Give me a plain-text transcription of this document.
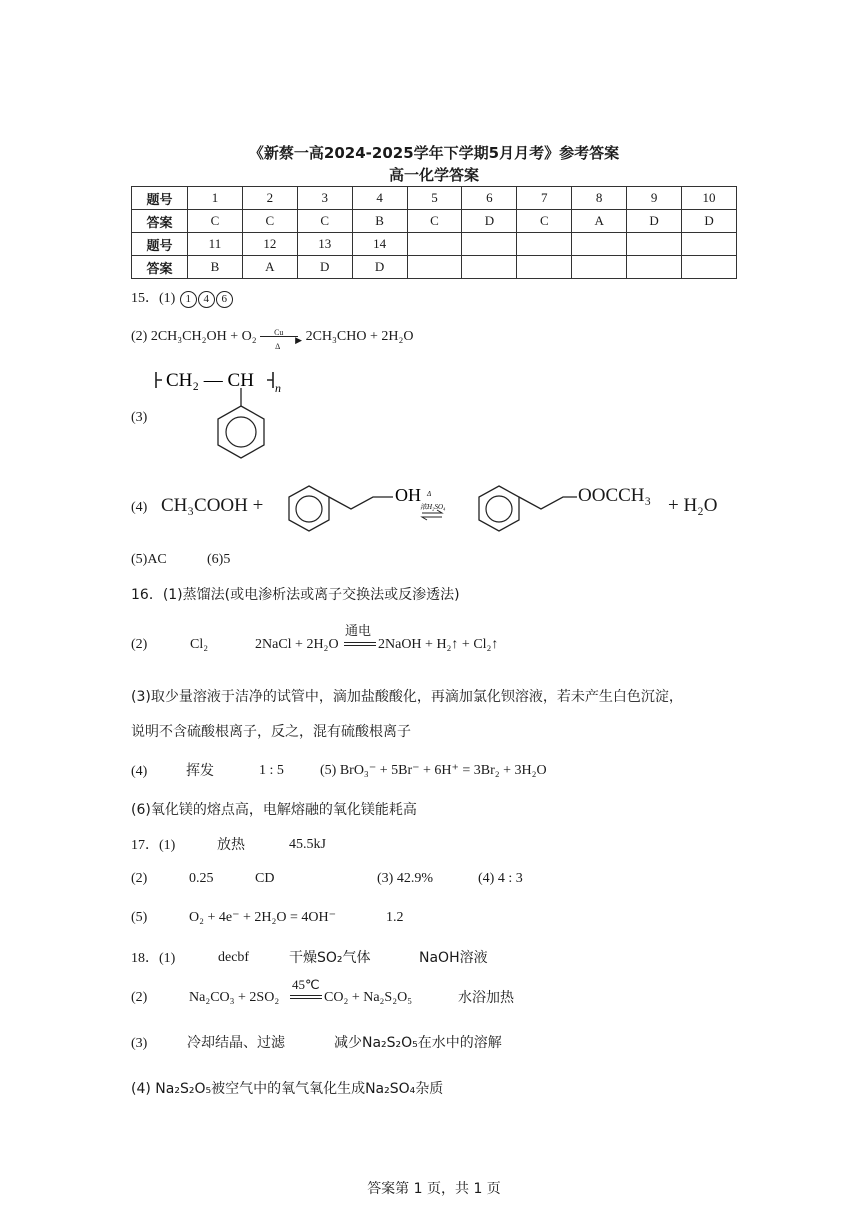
《新蔡一高2024-2025学年下学期5月月考》参考答案
高一化学答案
题号	1	2	3	4	5	6	7	8	9	10
答案	C	C	C	B	C	D	C	A	D	D
题号	11	12	13	14						
答案	B	A	D	D						
15．(1) 1 4 6
(2) 2CH₃CH₂OH + O₂ Cu
▶
Δ
2CH₃CHO + 2H₂O
(3)
CH₂ — CH n
(4) CH₃COOH +	OH Δ
浓H₂SO₄
OOCCH₃ + H₂O
(5)AC	(6)5
16．(1)蒸馏法(或电渗析法或离子交换法或反渗透法)
(2)	Cl₂	2NaCl + 2H₂O
通电
2NaOH + H₂↑ + Cl₂↑
(3)取少量溶液于洁净的试管中，滴加盐酸酸化，再滴加氯化钡溶液，若未产生白色沉淀，
说明不含硫酸根离子，反之，混有硫酸根离子
(4)	挥发	1 : 5	(5) BrO₃⁻ + 5Br⁻ + 6H⁺ = 3Br₂ + 3H₂O
(6)氧化镁的熔点高，电解熔融的氧化镁能耗高
17．(1)	放热	45.5kJ
(2)	0.25	CD	(3) 42.9%	(4) 4 : 3
(5)	O₂ + 4e⁻ + 2H₂O = 4OH⁻	1.2
18．(1)	decbf	干燥SO₂气体	NaOH溶液
(2)	Na₂CO₃ + 2SO₂
45℃
CO₂ + Na₂S₂O₅	水浴加热
(3)	冷却结晶、过滤	减少Na₂S₂O₅在水中的溶解
(4) Na₂S₂O₅被空气中的氧气氧化生成Na₂SO₄杂质
答案第 1 页，共 1 页
